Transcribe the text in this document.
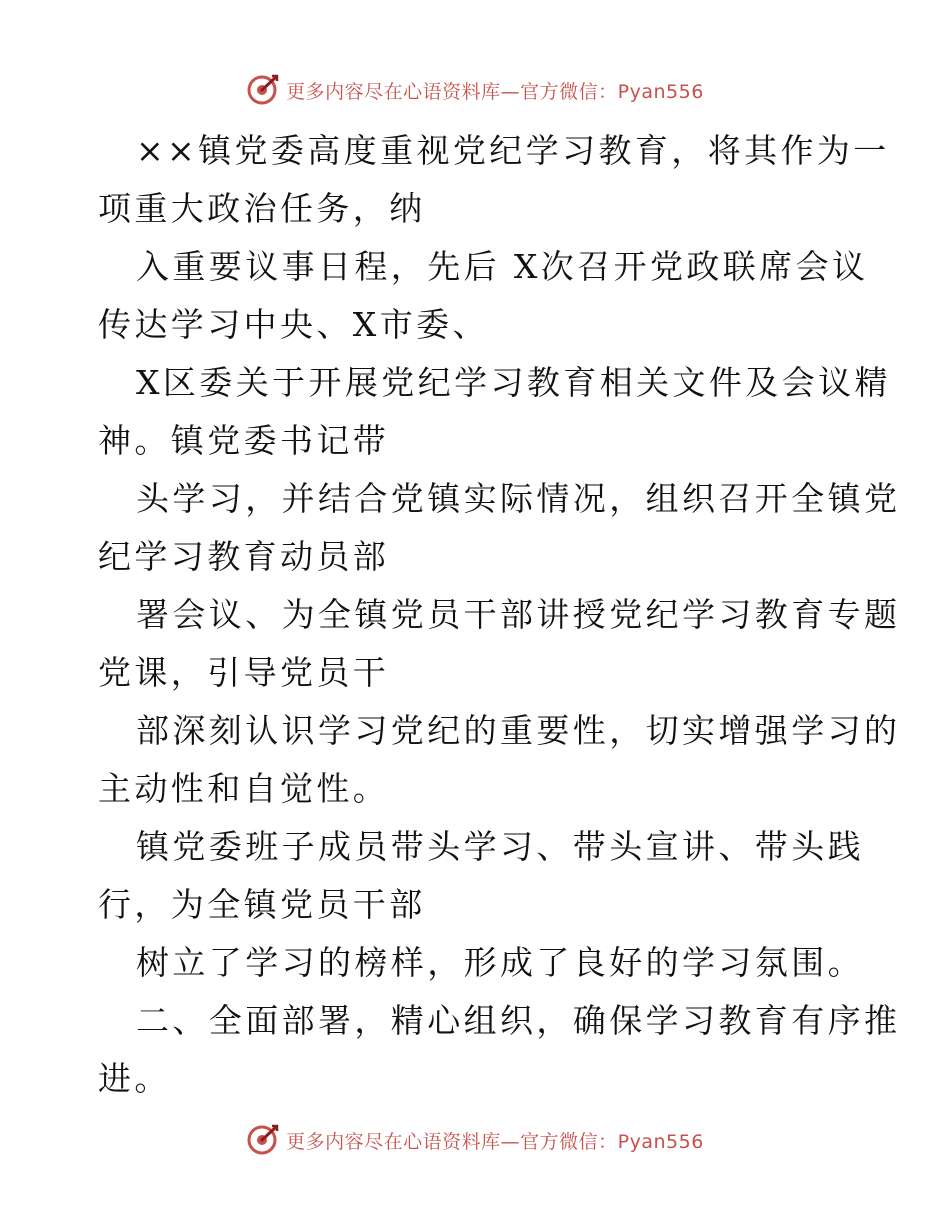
更多内容尽在心语资料库—官方微信：Pyan556
××镇党委高度重视党纪学习教育，将其作为一
项重大政治任务，纳
入重要议事日程，先后 X次召开党政联席会议
传达学习中央、X市委、
X区委关于开展党纪学习教育相关文件及会议精
神。镇党委书记带
头学习，并结合党镇实际情况，组织召开全镇党
纪学习教育动员部
署会议、为全镇党员干部讲授党纪学习教育专题
党课，引导党员干
部深刻认识学习党纪的重要性，切实增强学习的
主动性和自觉性。
镇党委班子成员带头学习、带头宣讲、带头践
行，为全镇党员干部
树立了学习的榜样，形成了良好的学习氛围。
二、全面部署，精心组织，确保学习教育有序推
进。
更多内容尽在心语资料库—官方微信：Pyan556
